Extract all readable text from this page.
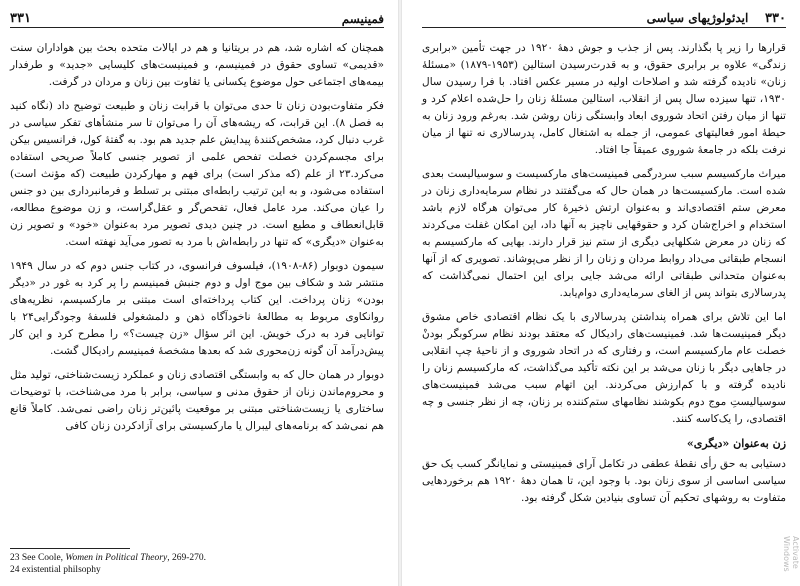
فمینیسم
۳۳۱

همچنان که اشاره شد، هم در بریتانیا و هم در ایالات متحده بحث بین هواداران سنت «قدیمی» تساوی حقوق در فمینیسم، و فمینیست‌های کلیسایی «جدید» و طرفدار بیمه‌های اجتماعی حول موضوع یکسانی یا تفاوت بین زنان و مردان در گرفت.

فکر متفاوت‌بودن زنان تا حدی می‌توان با قرابت زنان و طبیعت توضیح داد (نگاه کنید به فصل ۸). این قرابت، که ریشه‌های آن را می‌توان تا سر منشأهای تفکر سیاسی در غرب دنبال کرد، مشخص‌کنندهٔ پیدایش علم جدید هم بود. به گفتهٔ کول، فرانسیس بیکن برای مجسم‌کردن خصلت تفحص علمی از تصویر جنسی کاملاً صریحی استفاده می‌کرد.۲۳ از علم (که مذکر است) برای فهم و مهارکردن طبیعت (که مؤنث است) استفاده می‌شود، و به این ترتیب رابطه‌ای مبتنی بر تسلط و فرمانبرداری بین دو جنس را عیان می‌کند. مرد عامل فعال، تفحص‌گر و عقل‌گراست، و زن موضوع مطالعه، قابل‌انعطاف و مطیع است. در چنین دیدی تصویر مرد به‌عنوان «خود» و تصویر زن به‌عنوان «دیگری» که تنها در رابطه‌اش با مرد به تصور می‌آید نهفته است.

سیمون دوبوار (۸۶-۱۹۰۸)، فیلسوف فرانسوی، در کتاب جنس دوم که در سال ۱۹۴۹ منتشر شد و شکاف بین موج اول و دوم جنبش فمینیسم را پر کرد به غور در «دیگر بودن» زنان پرداخت. این کتاب پرداخته‌ای است مبتنی بر مارکسیسم، نظریه‌های روانکاوی مربوط به مطالعهٔ ناخودآگاه ذهن و دلمشغولی فلسفهٔ وجودگرایی۲۴ با توانایی فرد به درک خویش. این اثر سؤال «زن چیست؟» را مطرح کرد و این کار پیش‌درآمد آن گونه زن‌محوری شد که بعدها مشخصهٔ فمینیسم رادیکال گشت.

دوبوار در همان حال که به وابستگی اقتصادی زنان و عملکرد زیست‌شناختی، تولید مثل و محروم‌ماندن زنان از حقوق مدنی و سیاسی، برابر با مرد می‌شناخت، با توضیحات ساختاری یا زیست‌شناختی مبتنی بر موقعیت پائین‌تر زنان راضی نمی‌شد. کاملاً قانع هم نمی‌شد که برنامه‌های لیبرال یا مارکسیستی برای آزادکردن زنان کافی

23 See Coole, Women in Political Theory, 269-270.
24 existential philsophy
۳۳۰    ایدئولوژیهای سیاسی

قرارها را زیر پا بگذارند. پس از جذب و جوش دههٔ ۱۹۲۰ در جهت تأمین «برابری زندگی» علاوه بر برابری حقوق، و به قدرت‌رسیدن استالین (۱۹۵۳-۱۸۷۹) «مسئلهٔ زنان» نادیده گرفته شد و اصلاحات اولیه در مسیر عکس افتاد. با فرا رسیدن سال ۱۹۳۰، تنها سیزده سال پس از انقلاب، استالین مسئلهٔ زنان را حل‌شده اعلام کرد و تنها از میان رفتن اتحاد شوروی ابعاد وابستگی زنان روشن شد. به‌رغم ورود زنان به حیطهٔ امور فعالیتهای عمومی، از جمله به اشتغال کامل، پدرسالاری نه تنها از میان نرفت بلکه در جامعهٔ شوروی عمیقاً جا افتاد.

میراث مارکسیسم سبب سردرگمی فمینیست‌های مارکسیست و سوسیالیست بعدی شده است. مارکسیست‌ها در همان حال که می‌گفتند در نظام سرمایه‌داری زنان در معرض ستم اقتصادی‌اند و به‌عنوان ارتش ذخیرهٔ کار می‌توان هرگاه لازم باشد استخدام و اخراج‌شان کرد و حقوقهایی ناچیز به آنها داد، این امکان غفلت می‌کردند که زنان در معرض شکلهایی دیگری از ستم نیز قرار دارند. بهایی که مارکسیسم به انسجام طبقاتی می‌داد روابط مردان و زنان را از نظر می‌پوشاند. تصویری که از آنها به‌عنوان متحدانی طبقاتی ارائه می‌شد جایی برای این احتمال نمی‌گذاشت که پدرسالاری بتواند پس از الغای سرمایه‌داری دوام‌یابد.

اما این تلاش برای همراه پنداشتن پدرسالاری با یک نظام اقتصادی خاص مشوق دیگر فمینیست‌ها شد. فمینیست‌های رادیکال که معتقد بودند نظام سرکوبگر بودنْ خصلت عام مارکسیسم است، و رفتاری که در اتحاد شوروی و از ناحیهٔ چپ انقلابی در جاهایی دیگر با زنان می‌شد بر این نکته تأکید می‌گذاشت، که مارکسیسم زنان را نادیده گرفته و با کم‌ارزش می‌کردند. این اتهام سبب می‌شد فمینیست‌های سوسیالیستِ موج دوم بکوشند نظامهای ستم‌کننده بر زنان، چه از نظر جنسی و چه اقتصادی، را یک‌کاسه کنند.

زن به‌عنوان «دیگری»

دستیابی به حق رأی نقطهٔ عطفی در تکامل آرای فمینیستی و نمایانگر کسب یک حق سیاسی اساسی از سوی زنان بود. با وجود این، تا همان دههٔ ۱۹۲۰ هم برخوردهایی متفاوت به روشهای تحکیم آن تساوی بنیادین شکل گرفته بود.

Activate Windows
